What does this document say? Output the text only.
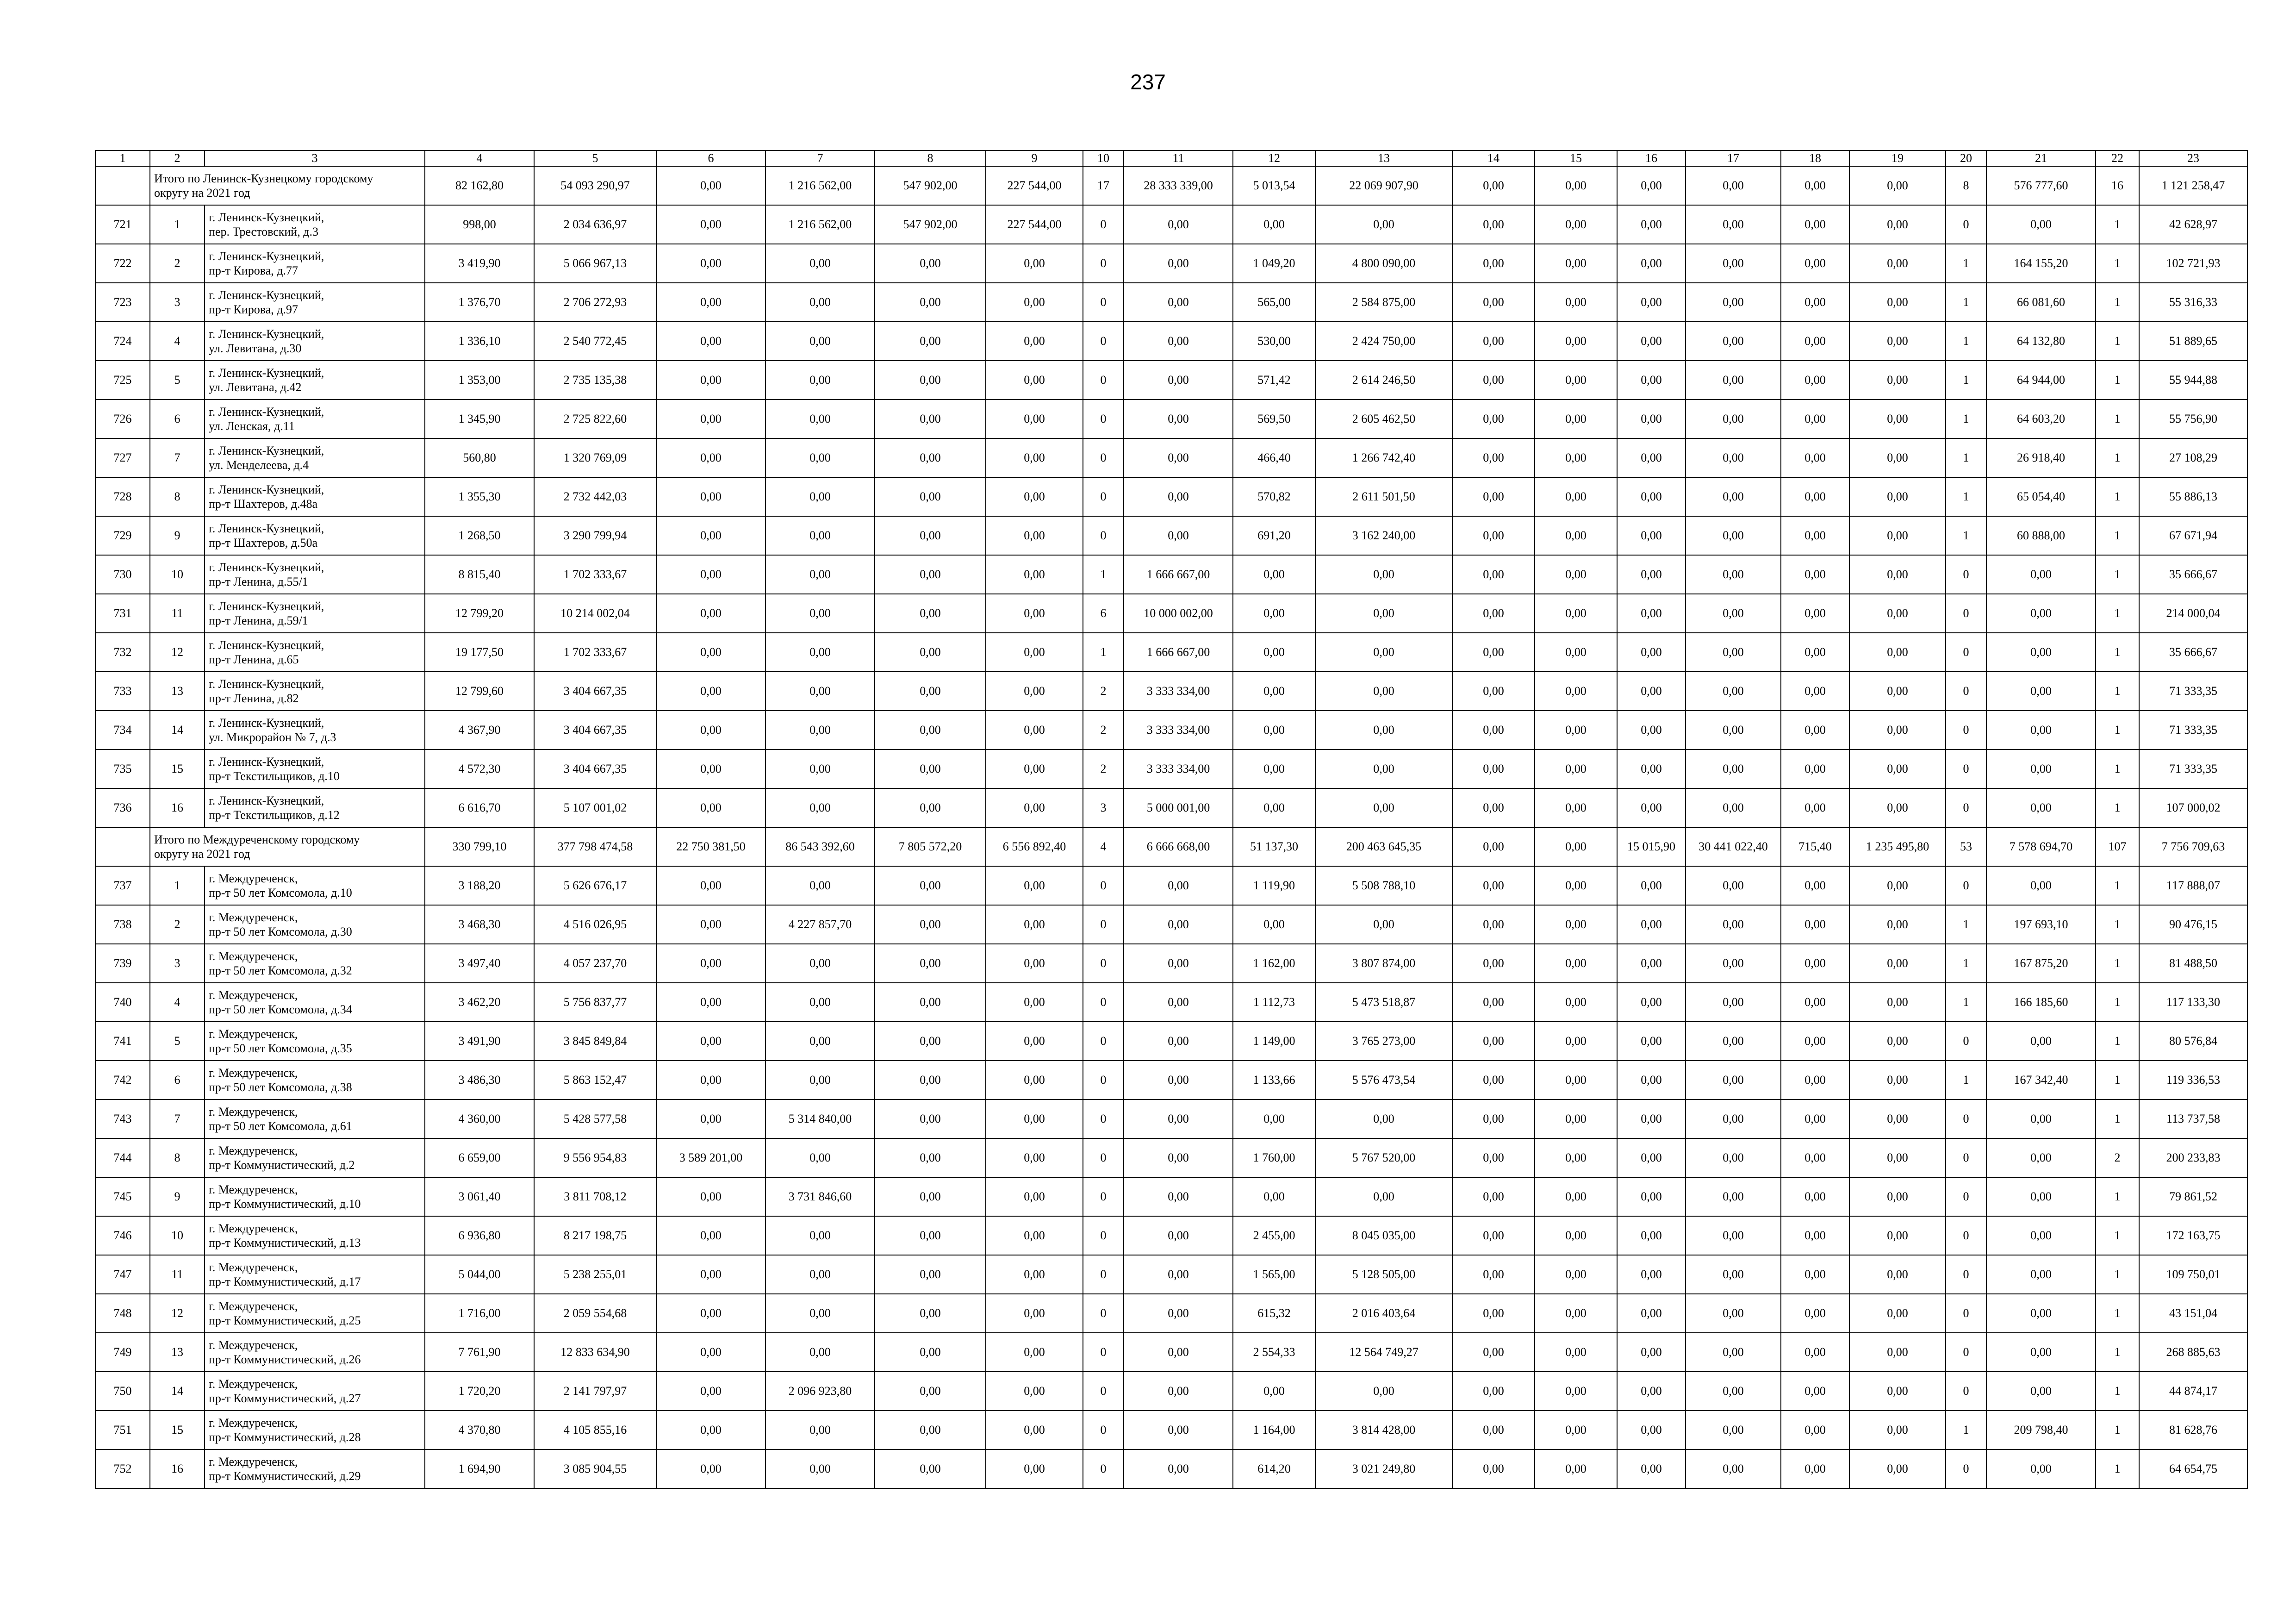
237
1	2	3	4	5	6	7	8	9	10	11	12	13	14	15	16	17	18	19	20	21	22	23
	Итого по Ленинск-Кузнецкому городскому
округу на 2021 год		82 162,80	54 093 290,97	0,00	1 216 562,00	547 902,00	227 544,00	17	28 333 339,00	5 013,54	22 069 907,90	0,00	0,00	0,00	0,00	0,00	0,00	8	576 777,60	16	1 121 258,47
721	1	г. Ленинск-Кузнецкий,
пер. Трестовский, д.3	998,00	2 034 636,97	0,00	1 216 562,00	547 902,00	227 544,00	0	0,00	0,00	0,00	0,00	0,00	0,00	0,00	0,00	0,00	0	0,00	1	42 628,97
722	2	г. Ленинск-Кузнецкий,
пр-т Кирова, д.77	3 419,90	5 066 967,13	0,00	0,00	0,00	0,00	0	0,00	1 049,20	4 800 090,00	0,00	0,00	0,00	0,00	0,00	0,00	1	164 155,20	1	102 721,93
723	3	г. Ленинск-Кузнецкий,
пр-т Кирова, д.97	1 376,70	2 706 272,93	0,00	0,00	0,00	0,00	0	0,00	565,00	2 584 875,00	0,00	0,00	0,00	0,00	0,00	0,00	1	66 081,60	1	55 316,33
724	4	г. Ленинск-Кузнецкий,
ул. Левитана, д.30	1 336,10	2 540 772,45	0,00	0,00	0,00	0,00	0	0,00	530,00	2 424 750,00	0,00	0,00	0,00	0,00	0,00	0,00	1	64 132,80	1	51 889,65
725	5	г. Ленинск-Кузнецкий,
ул. Левитана, д.42	1 353,00	2 735 135,38	0,00	0,00	0,00	0,00	0	0,00	571,42	2 614 246,50	0,00	0,00	0,00	0,00	0,00	0,00	1	64 944,00	1	55 944,88
726	6	г. Ленинск-Кузнецкий,
ул. Ленская, д.11	1 345,90	2 725 822,60	0,00	0,00	0,00	0,00	0	0,00	569,50	2 605 462,50	0,00	0,00	0,00	0,00	0,00	0,00	1	64 603,20	1	55 756,90
727	7	г. Ленинск-Кузнецкий,
ул. Менделеева, д.4	560,80	1 320 769,09	0,00	0,00	0,00	0,00	0	0,00	466,40	1 266 742,40	0,00	0,00	0,00	0,00	0,00	0,00	1	26 918,40	1	27 108,29
728	8	г. Ленинск-Кузнецкий,
пр-т Шахтеров, д.48а	1 355,30	2 732 442,03	0,00	0,00	0,00	0,00	0	0,00	570,82	2 611 501,50	0,00	0,00	0,00	0,00	0,00	0,00	1	65 054,40	1	55 886,13
729	9	г. Ленинск-Кузнецкий,
пр-т Шахтеров, д.50а	1 268,50	3 290 799,94	0,00	0,00	0,00	0,00	0	0,00	691,20	3 162 240,00	0,00	0,00	0,00	0,00	0,00	0,00	1	60 888,00	1	67 671,94
730	10	г. Ленинск-Кузнецкий,
пр-т Ленина, д.55/1	8 815,40	1 702 333,67	0,00	0,00	0,00	0,00	1	1 666 667,00	0,00	0,00	0,00	0,00	0,00	0,00	0,00	0,00	0	0,00	1	35 666,67
731	11	г. Ленинск-Кузнецкий,
пр-т Ленина, д.59/1	12 799,20	10 214 002,04	0,00	0,00	0,00	0,00	6	10 000 002,00	0,00	0,00	0,00	0,00	0,00	0,00	0,00	0,00	0	0,00	1	214 000,04
732	12	г. Ленинск-Кузнецкий,
пр-т Ленина, д.65	19 177,50	1 702 333,67	0,00	0,00	0,00	0,00	1	1 666 667,00	0,00	0,00	0,00	0,00	0,00	0,00	0,00	0,00	0	0,00	1	35 666,67
733	13	г. Ленинск-Кузнецкий,
пр-т Ленина, д.82	12 799,60	3 404 667,35	0,00	0,00	0,00	0,00	2	3 333 334,00	0,00	0,00	0,00	0,00	0,00	0,00	0,00	0,00	0	0,00	1	71 333,35
734	14	г. Ленинск-Кузнецкий,
ул. Микрорайон № 7, д.3	4 367,90	3 404 667,35	0,00	0,00	0,00	0,00	2	3 333 334,00	0,00	0,00	0,00	0,00	0,00	0,00	0,00	0,00	0	0,00	1	71 333,35
735	15	г. Ленинск-Кузнецкий,
пр-т Текстильщиков, д.10	4 572,30	3 404 667,35	0,00	0,00	0,00	0,00	2	3 333 334,00	0,00	0,00	0,00	0,00	0,00	0,00	0,00	0,00	0	0,00	1	71 333,35
736	16	г. Ленинск-Кузнецкий,
пр-т Текстильщиков, д.12	6 616,70	5 107 001,02	0,00	0,00	0,00	0,00	3	5 000 001,00	0,00	0,00	0,00	0,00	0,00	0,00	0,00	0,00	0	0,00	1	107 000,02
	Итого по Междуреченскому городскому
округу на 2021 год		330 799,10	377 798 474,58	22 750 381,50	86 543 392,60	7 805 572,20	6 556 892,40	4	6 666 668,00	51 137,30	200 463 645,35	0,00	0,00	15 015,90	30 441 022,40	715,40	1 235 495,80	53	7 578 694,70	107	7 756 709,63
737	1	г. Междуреченск,
пр-т 50 лет Комсомола, д.10	3 188,20	5 626 676,17	0,00	0,00	0,00	0,00	0	0,00	1 119,90	5 508 788,10	0,00	0,00	0,00	0,00	0,00	0,00	0	0,00	1	117 888,07
738	2	г. Междуреченск,
пр-т 50 лет Комсомола, д.30	3 468,30	4 516 026,95	0,00	4 227 857,70	0,00	0,00	0	0,00	0,00	0,00	0,00	0,00	0,00	0,00	0,00	0,00	1	197 693,10	1	90 476,15
739	3	г. Междуреченск,
пр-т 50 лет Комсомола, д.32	3 497,40	4 057 237,70	0,00	0,00	0,00	0,00	0	0,00	1 162,00	3 807 874,00	0,00	0,00	0,00	0,00	0,00	0,00	1	167 875,20	1	81 488,50
740	4	г. Междуреченск,
пр-т 50 лет Комсомола, д.34	3 462,20	5 756 837,77	0,00	0,00	0,00	0,00	0	0,00	1 112,73	5 473 518,87	0,00	0,00	0,00	0,00	0,00	0,00	1	166 185,60	1	117 133,30
741	5	г. Междуреченск,
пр-т 50 лет Комсомола, д.35	3 491,90	3 845 849,84	0,00	0,00	0,00	0,00	0	0,00	1 149,00	3 765 273,00	0,00	0,00	0,00	0,00	0,00	0,00	0	0,00	1	80 576,84
742	6	г. Междуреченск,
пр-т 50 лет Комсомола, д.38	3 486,30	5 863 152,47	0,00	0,00	0,00	0,00	0	0,00	1 133,66	5 576 473,54	0,00	0,00	0,00	0,00	0,00	0,00	1	167 342,40	1	119 336,53
743	7	г. Междуреченск,
пр-т 50 лет Комсомола, д.61	4 360,00	5 428 577,58	0,00	5 314 840,00	0,00	0,00	0	0,00	0,00	0,00	0,00	0,00	0,00	0,00	0,00	0,00	0	0,00	1	113 737,58
744	8	г. Междуреченск,
пр-т Коммунистический, д.2	6 659,00	9 556 954,83	3 589 201,00	0,00	0,00	0,00	0	0,00	1 760,00	5 767 520,00	0,00	0,00	0,00	0,00	0,00	0,00	0	0,00	2	200 233,83
745	9	г. Междуреченск,
пр-т Коммунистический, д.10	3 061,40	3 811 708,12	0,00	3 731 846,60	0,00	0,00	0	0,00	0,00	0,00	0,00	0,00	0,00	0,00	0,00	0,00	0	0,00	1	79 861,52
746	10	г. Междуреченск,
пр-т Коммунистический, д.13	6 936,80	8 217 198,75	0,00	0,00	0,00	0,00	0	0,00	2 455,00	8 045 035,00	0,00	0,00	0,00	0,00	0,00	0,00	0	0,00	1	172 163,75
747	11	г. Междуреченск,
пр-т Коммунистический, д.17	5 044,00	5 238 255,01	0,00	0,00	0,00	0,00	0	0,00	1 565,00	5 128 505,00	0,00	0,00	0,00	0,00	0,00	0,00	0	0,00	1	109 750,01
748	12	г. Междуреченск,
пр-т Коммунистический, д.25	1 716,00	2 059 554,68	0,00	0,00	0,00	0,00	0	0,00	615,32	2 016 403,64	0,00	0,00	0,00	0,00	0,00	0,00	0	0,00	1	43 151,04
749	13	г. Междуреченск,
пр-т Коммунистический, д.26	7 761,90	12 833 634,90	0,00	0,00	0,00	0,00	0	0,00	2 554,33	12 564 749,27	0,00	0,00	0,00	0,00	0,00	0,00	0	0,00	1	268 885,63
750	14	г. Междуреченск,
пр-т Коммунистический, д.27	1 720,20	2 141 797,97	0,00	2 096 923,80	0,00	0,00	0	0,00	0,00	0,00	0,00	0,00	0,00	0,00	0,00	0,00	0	0,00	1	44 874,17
751	15	г. Междуреченск,
пр-т Коммунистический, д.28	4 370,80	4 105 855,16	0,00	0,00	0,00	0,00	0	0,00	1 164,00	3 814 428,00	0,00	0,00	0,00	0,00	0,00	0,00	1	209 798,40	1	81 628,76
752	16	г. Междуреченск,
пр-т Коммунистический, д.29	1 694,90	3 085 904,55	0,00	0,00	0,00	0,00	0	0,00	614,20	3 021 249,80	0,00	0,00	0,00	0,00	0,00	0,00	0	0,00	1	64 654,75
